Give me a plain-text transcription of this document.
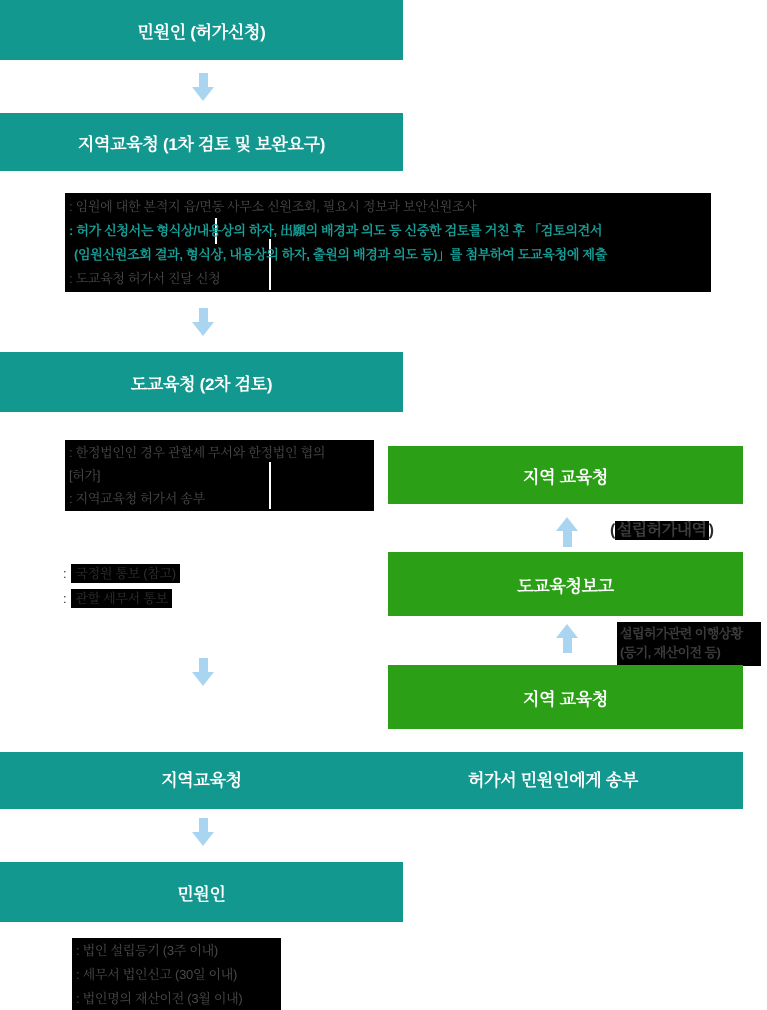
민원인 (허가신청)
지역교육청 (1차 검토 및 보완요구)
: 임원에 대한 본적지 읍/면동 사무소 신원조회, 필요시 정보과 보안신원조사
: 허가 신청서는 형식상/내용상의 하자, 出願의 배경과 의도 등 신중한 검토를 거친 후 「검토의견서
(임원신원조회 결과, 형식상, 내용상의 하자, 출원의 배경과 의도 등)」를 첨부하여 도교육청에 제출
: 도교육청 허가서 진달 신청
도교육청 (2차 검토)
: 한정법인인 경우 관할세 무서와 한정법인 협의
[허가]
: 지역교육청 허가서 송부
지역 교육청
( 설립허가내역 )
: 국정원 통보 (참고)
: 관할 세무서 통보
도교육청보고
설립허가관련 이행상황
(등기, 재산이전 등)
지역 교육청
지역교육청	허가서 민원인에게 송부
민원인
: 법인 설립등기 (3주 이내)
: 세무서 법인신고 (30일 이내)
: 법인명의 재산이전 (3월 이내)
